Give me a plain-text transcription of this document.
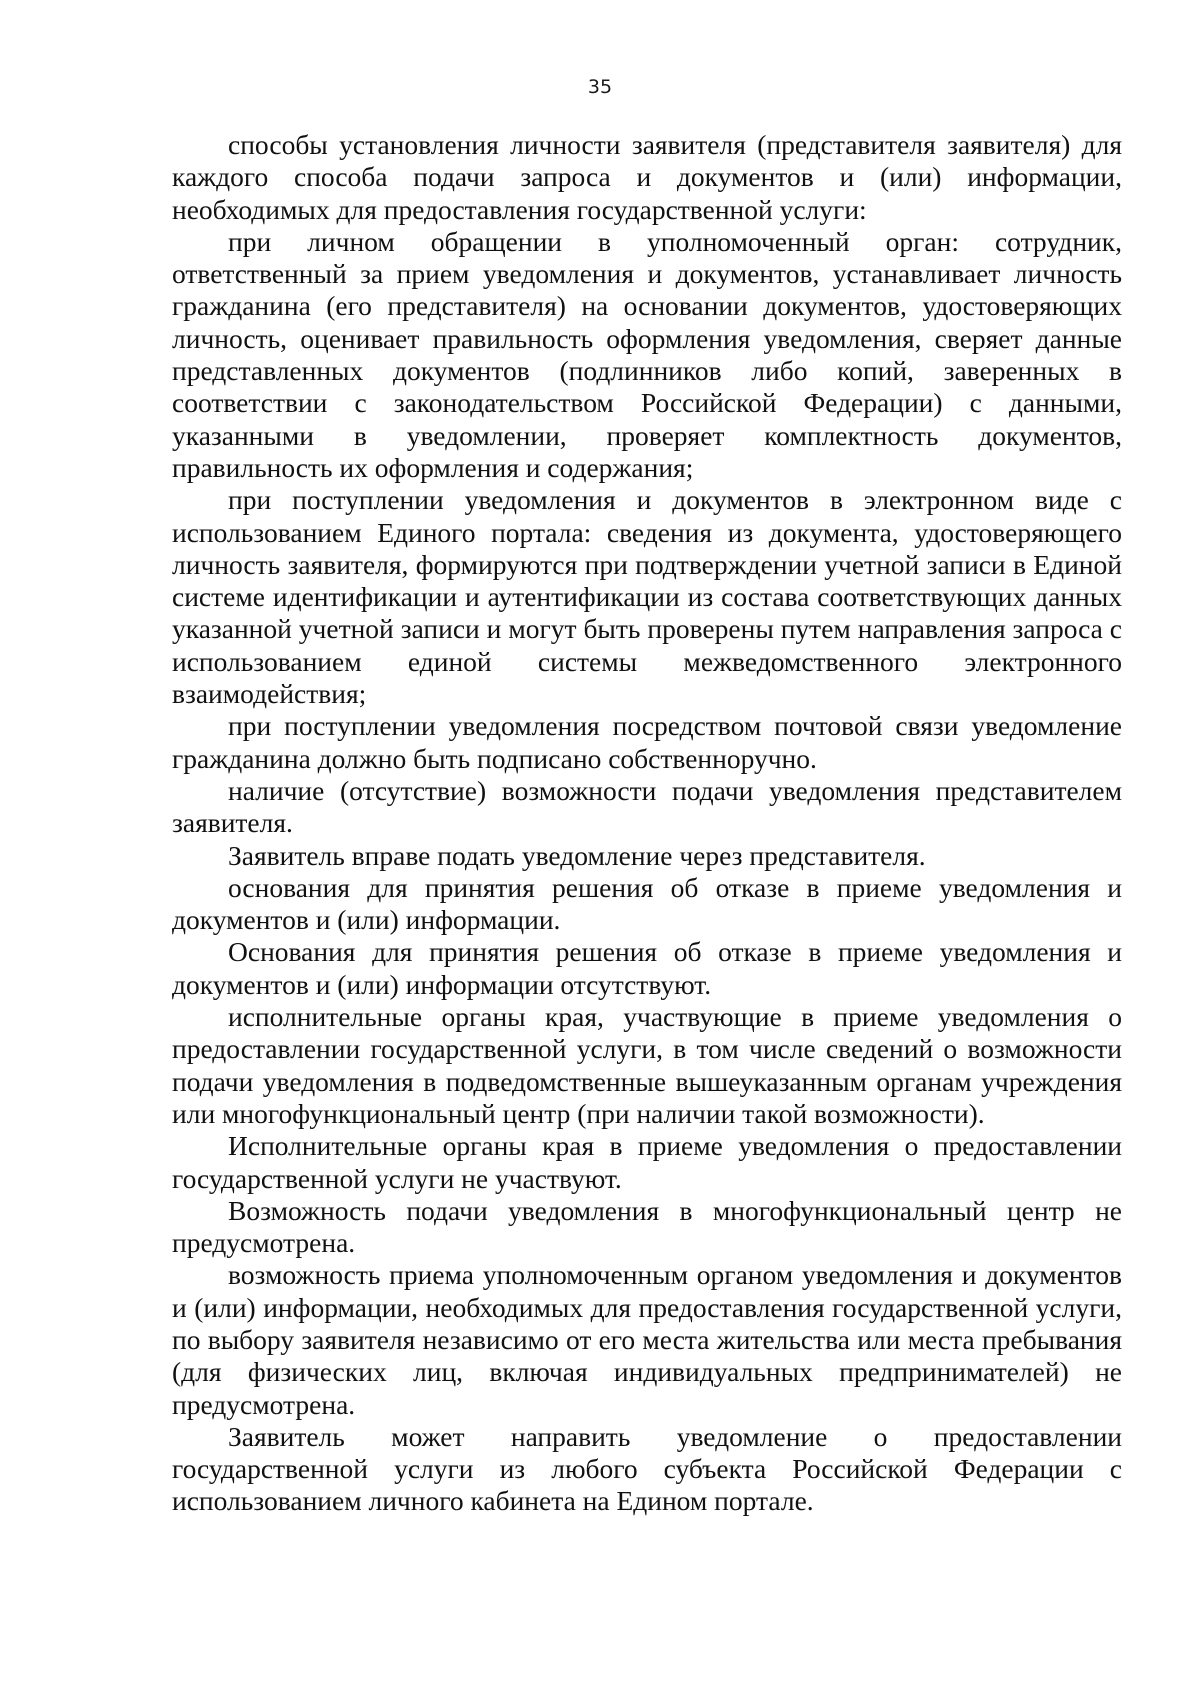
35

способы установления личности заявителя (представителя заявителя) для каждого способа подачи запроса и документов и (или) информации, необходимых для предоставления государственной услуги:

при личном обращении в уполномоченный орган: сотрудник, ответственный за прием уведомления и документов, устанавливает личность гражданина (его представителя) на основании документов, удостоверяющих личность, оценивает правильность оформления уведомления, сверяет данные представленных документов (подлинников либо копий, заверенных в соответствии с законодательством Российской Федерации) с данными, указанными в уведомлении, проверяет комплектность документов, правильность их оформления и содержания;

при поступлении уведомления и документов в электронном виде с использованием Единого портала: сведения из документа, удостоверяющего личность заявителя, формируются при подтверждении учетной записи в Единой системе идентификации и аутентификации из состава соответствующих данных указанной учетной записи и могут быть проверены путем направления запроса с использованием единой системы межведомственного электронного взаимодействия;

при поступлении уведомления посредством почтовой связи уведомление гражданина должно быть подписано собственноручно.

наличие (отсутствие) возможности подачи уведомления представителем заявителя.

Заявитель вправе подать уведомление через представителя.

основания для принятия решения об отказе в приеме уведомления и документов и (или) информации.

Основания для принятия решения об отказе в приеме уведомления и документов и (или) информации отсутствуют.

исполнительные органы края, участвующие в приеме уведомления о предоставлении государственной услуги, в том числе сведений о возможности подачи уведомления в подведомственные вышеуказанным органам учреждения или многофункциональный центр (при наличии такой возможности).

Исполнительные органы края в приеме уведомления о предоставлении государственной услуги не участвуют.

Возможность подачи уведомления в многофункциональный центр не предусмотрена.

возможность приема уполномоченным органом уведомления и документов и (или) информации, необходимых для предоставления государственной услуги, по выбору заявителя независимо от его места жительства или места пребывания (для физических лиц, включая индивидуальных предпринимателей) не предусмотрена.

Заявитель может направить уведомление о предоставлении государственной услуги из любого субъекта Российской Федерации с использованием личного кабинета на Едином портале.
